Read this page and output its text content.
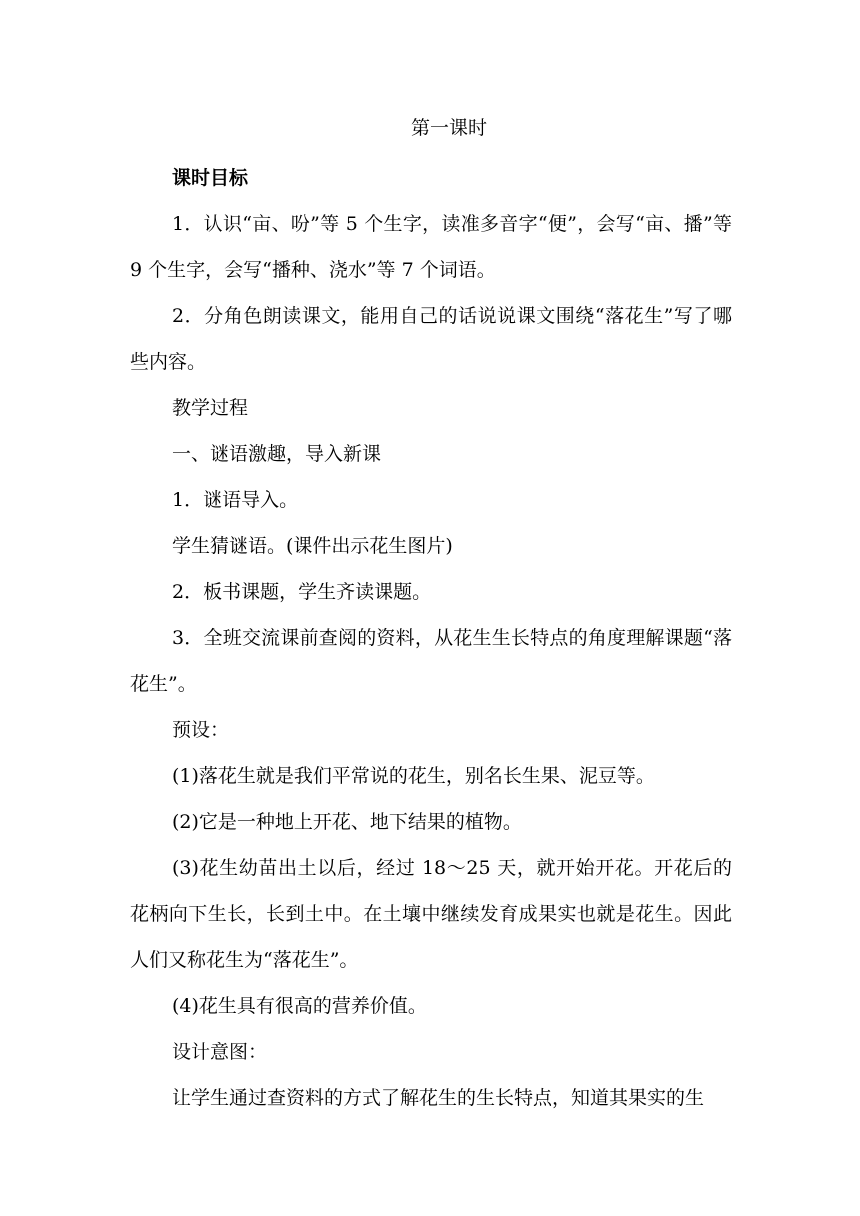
第一课时

课时目标

1．认识“亩、吩”等 5 个生字，读准多音字“便”，会写“亩、播”等 9 个生字，会写“播种、浇水”等 7 个词语。

2．分角色朗读课文，能用自己的话说说课文围绕“落花生”写了哪些内容。

教学过程

一、谜语激趣，导入新课

1．谜语导入。

学生猜谜语。(课件出示花生图片)

2．板书课题，学生齐读课题。

3．全班交流课前查阅的资料，从花生生长特点的角度理解课题“落花生”。

预设：

(1)落花生就是我们平常说的花生，别名长生果、泥豆等。

(2)它是一种地上开花、地下结果的植物。

(3)花生幼苗出土以后，经过 18～25 天，就开始开花。开花后的花柄向下生长，长到土中。在土壤中继续发育成果实也就是花生。因此人们又称花生为“落花生”。

(4)花生具有很高的营养价值。

设计意图：

让学生通过查资料的方式了解花生的生长特点，知道其果实的生
